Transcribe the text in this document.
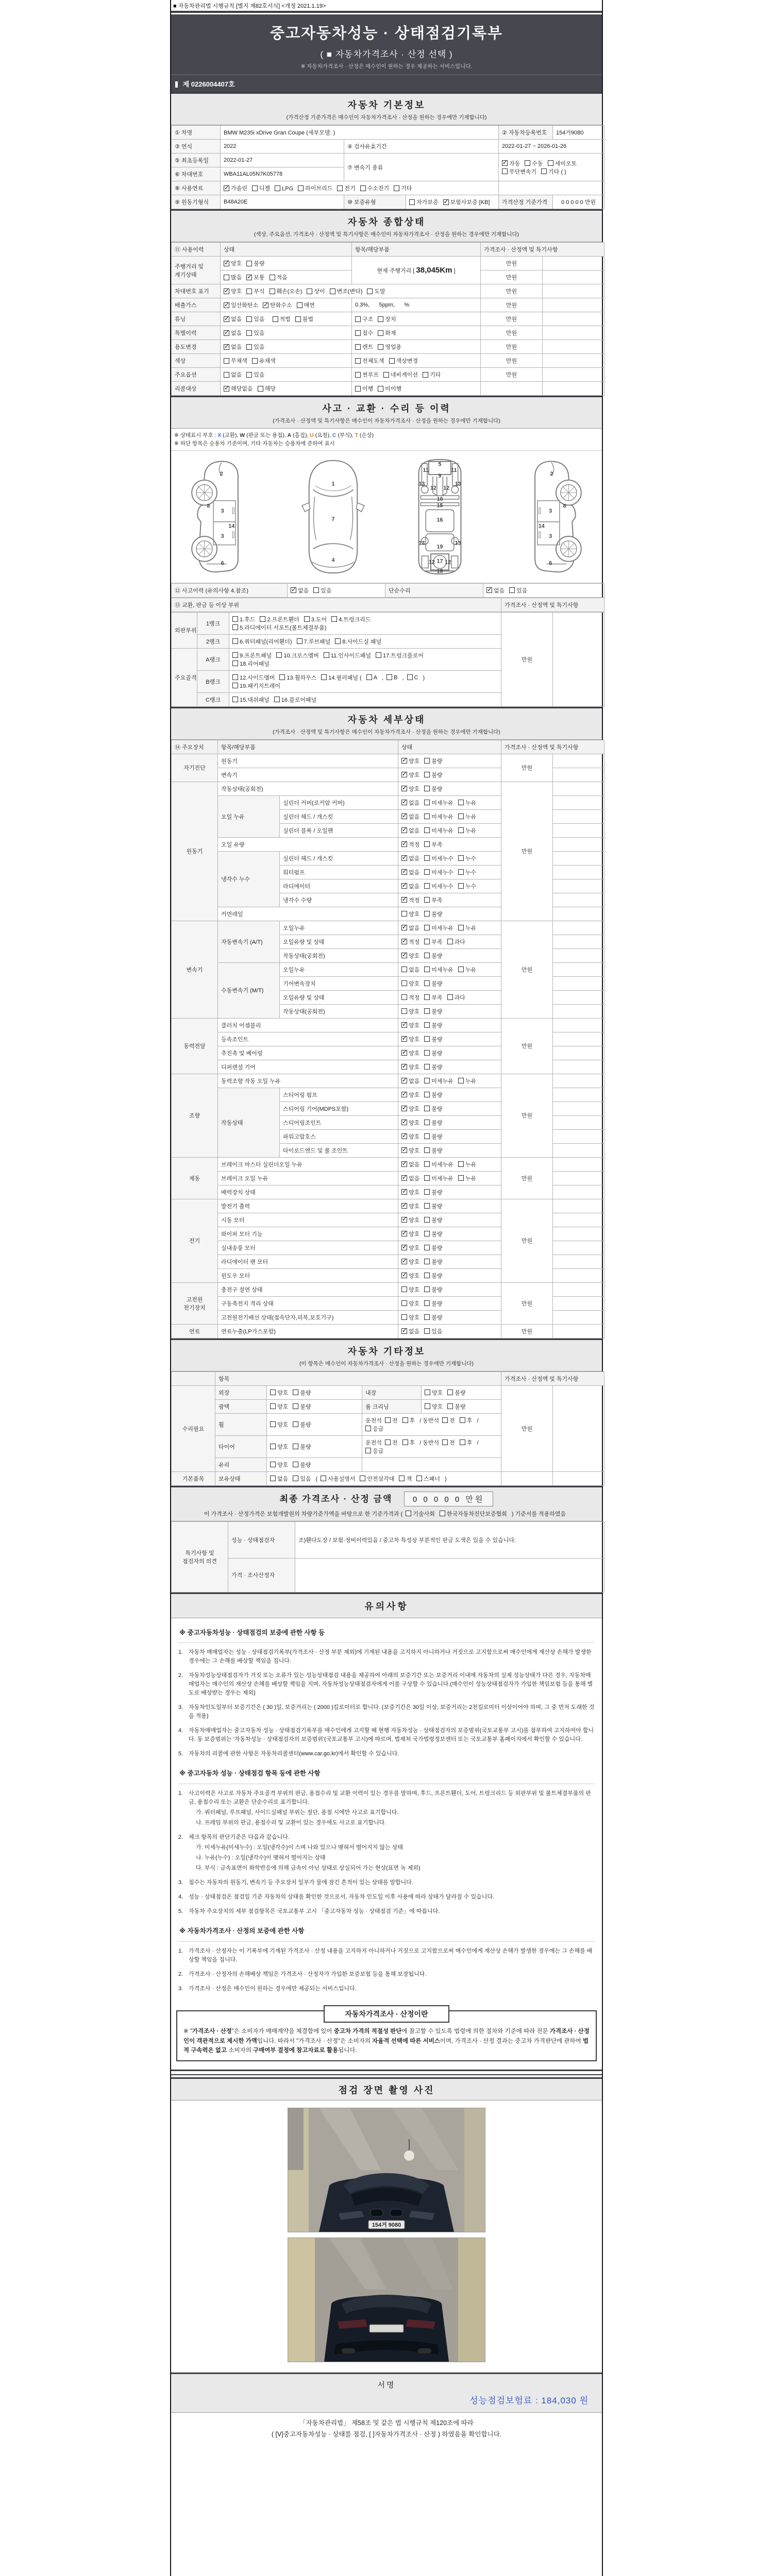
■ 자동차관리법 시행규칙 [별지 제82호서식] <개정 2021.1.19>
중고자동차성능 · 상태점검기록부
( ■ 자동차가격조사 · 산정 선택 )
※ 자동차가격조사 · 산정은 매수인이 원하는 경우 제공하는 서비스입니다.
제 0226004407호
자동차 기본정보
(가격산정 기준가격은 매수인이 자동차가격조사 · 산정을 원하는 경우에만 기재합니다)
① 차명	BMW M235i xDrive Gran Coupe (세부모델: )			② 자동차등록번호	154거9080
③ 연식	2022	④ 검사유효기간		2022-01-27 ~ 2026-01-26	
⑤ 최초등록일	2022-01-27	⑦ 변속기 종류	✓자동 수동 세미오토
무단변속기 기타 ( )
⑥ 차대번호	WBA11AL05N7K05778				
⑧ 사용연료	✓가솔린 디젤 LPG 하이브리드 전기 수소전기 기타	
⑨ 원동기형식	B48A20E	⑩ 보증유형	자가보증 ✓ 보험사보증 [KB]	가격산정 기준가격	0 0 0 0 0 만원
자동차 종합상태
(색상, 주요옵션, 가격조사 · 산정액 및 특기사항은 매수인이 자동차가격조사 · 산정을 원하는 경우에만 기재합니다)
⑪ 사용이력	상태	항목/해당부품	가격조사 · 산정액 및 특기사항	
주행거리 및 계기상태	✓양호 불량	현재 주행거리 [ 38,045Km ]	만원	
	많음 ✓ 보통 적음		만원	
차대번호 표기	✓양호 부식 훼손(오손) 상이 변조(변타) 도말		만원	
배출가스	✓일산화탄소 ✓ 탄화수소 매연	0.3%,      5ppm,      %	만원	
튜닝	✓없음 있음 적법 불법	구조 장치	만원	
특별이력	✓없음 있음	침수 화재	만원	
용도변경	✓없음 있음	렌트 영업용	만원	
색상	무채색 유채색	전체도색 색상변경	만원	
주요옵션	없음 있음	썬루프 네비게이션 기타	만원	
리콜대상	✓해당없음 해당	이행 미이행		
사고 · 교환 · 수리 등 이력
(가격조사 · 산정액 및 특기사항은 매수인이 자동차가격조사 · 산정을 원하는 경우에만 기재합니다)
※ 상태표시 부호 : X (교환), W (판금 또는 용접), A (흠집), U (요철), C (부식), T (손상)
※ 하단 항목은 승용차 기준이며, 기타 자동차는 승용차에 준하여 표시
2
8
3
14
3
6
1
7
4
5
11	11
9
13	13
12 12
10
15
16
13
19
13
12 17 12
18
2
3
8
14
3
6
⑫ 사고이력 (유의사항 4.참조)	✓없음 있음	단순수리	✓없음 있음
⑬ 교환, 판금 등 이상 부위	가격조사 · 산정액 및 특기사항
외판부위	1랭크	1.후드 2.프론트휀더 3.도어 4.트렁크리드
5.라디에이터 서포트(볼트체결부품)	만원	
	2랭크	6.쿼터패널(리어휀더) 7.루브패널 8.사이드실 패널		
주요골격	A랭크	9.프론트패널 10.크로스멤버 11.인사이드패널 17.트렁크플로어
18.리어패널		
	B랭크	12.사이드멤버 13.휠하우스 14.필러패널 ( A , B , C )
19.패키지트레이		
	C랭크	15.대쉬패널 16.플로어패널		
자동차 세부상태
(가격조사 · 산정액 및 특기사항은 매수인이 자동차가격조사 · 산정을 원하는 경우에만 기재합니다)
⑭ 주요장치	항목/해당부품		상태	가격조사 · 산정액 및 특기사항	
자기진단	원동기	✓양호 불량	만원	
	변속기	✓양호 불량	
원동기	작동상태(공회전)	✓양호 불량	만원	
	오일 누유	실린더 커버(로커암 커버)	✓없음 미세누유 누유	
		실린더 헤드 / 개스킷	✓없음 미세누유 누유	
		실린더 블록 / 오일팬	✓없음 미세누유 누유	
	오일 유량	✓적정 부족	
	냉각수 누수	실린더 헤드 / 개스킷	✓없음 미세누수 누수	
		워터펌프	✓없음 미세누수 누수	
		라디에이터	✓없음 미세누수 누수	
		냉각수 수량	✓적정 부족	
	커먼레일		양호 불량		
변속기	자동변속기 (A/T)	오일누유	✓없음 미세누유 누유	만원	
		오일유량 및 상태	✓적정 부족 과다	
		작동상태(공회전)	✓양호 불량	
	수동변속기 (M/T)	오일누유	없음 미세누유 누유		
		기어변속장치	양호 불량		
		오일유량 및 상태	적정 부족 과다		
		작동상태(공회전)	양호 불량		
동력전달	클러치 어셈블리	✓양호 불량	만원	
	등속조인트	✓양호 불량	
	추진축 및 베어링	✓양호 불량	
	디퍼렌셜 기어	✓양호 불량	
조향	동력조향 작동 오일 누유	✓없음 미세누유 누유	만원	
	작동상태	스티어링 펌프	✓양호 불량	
		스티어링 기어(MDPS포함)	✓양호 불량	
		스티어링조인트	✓양호 불량	
		파워고압호스	✓양호 불량	
		타이로드엔드 및 볼 조인트	✓양호 불량	
제동	브레이크 마스터 실린더오일 누유	✓없음 미세누유 누유	만원	
	브레이크 오일 누유	✓없음 미세누유 누유	
	배력장치 상태	✓양호 불량	
전기	발전기 출력	✓양호 불량	만원	
	시동 모터	✓양호 불량	
	와이퍼 모터 기능	✓양호 불량	
	실내송풍 모터	✓양호 불량	
	라디에이터 팬 모터	✓양호 불량	
	윈도우 모터	✓양호 불량	
고전원 전기장치	충전구 절연 상태		양호 불량	만원	
	구동축전지 격리 상태		양호 불량		
	고전원전기배선 상태(접속단자,피복,보호기구)		양호 불량		
연료	연료누출(LP가스포함)	✓없음 있음	만원	
자동차 기타정보
(이 항목은 매수인이 자동차가격조사 · 산정을 원하는 경우에만 기재합니다)
	항목				가격조사 · 산정액 및 특기사항	
수리필요	외장	양호 불량	내장	양호 불량	만원	
	광택	양호 불량	룸 크리닝	양호 불량		
	휠	양호 불량	운전석 전 후 / 동반석 전 후 /응급			
	타이어	양호 불량	운전석 전 후 / 동반석 전 후 /응급			
	유리	양호 불량				
기본품목	보유상태	없음 있음 ( 사용설명서 안전삼각대 잭 스패너 )				
최종 가격조사 · 산정 금액	0 0 0 0 0 만원
이 가격조사 · 산정가격은 보험개발원의 차량기준가액을 바탕으로 한 기준가격과 ( 기술사회 한국자동차진단보증협회 ) 기준서를 적용하였음
특기사항 및 점검자의 의견	성능 · 상태점검자	조)휀다도장 / 보험·정비이력있음 / 중고차 특성상 부분적인 판금 도색은 있을 수 있습니다.
	가격 · 조사산정자	
유의사항
※ 중고자동차성능 · 상태점검의 보증에 관한 사항 등
1. 자동차 매매업자는 성능 · 상태점검기록부(가격조사 · 산정 부분 제외)에 기재된 내용을 고지하지 아니하거나 거짓으로 고지함으로써 매수인에게 재산상 손해가 발생한 경우에는 그 손해를 배상할 책임을 집니다.
2. 자동차성능상태점검자가 거짓 또는 오류가 있는 성능상태점검 내용을 제공하여 아래의 보증기간 또는 보증거리 이내에 자동차의 실제 성능상태가 다른 경우, 자동차매매업자는 매수인의 재산상 손해를 배상할 책임을 지며, 자동차성능상태점검자에게 이를 구상할 수 있습니다.(매수인이 성능상태점검자가 가입한 책임보험 등을 통해 별도로 배상받는 경우는 제외)
3. 자동차인도일부터 보증기간은 ( 30 )일, 보증거리는 ( 2000 )킬로미터로 합니다. (보증기간은 30일 이상, 보증거리는 2천킬로미터 이상이어야 하며, 그 중 먼저 도래한 것을 적용)
4. 자동차매매업자는 중고자동차 성능 · 상태점검기록부를 매수인에게 고지할 때 현행 자동차성능 · 상태점검자의 보증범위(국토교통부 고시)를 첨부하여 고지하여야 합니다. 동 보증범위는 '자동차성능 · 상태점검자의 보증범위'(국토교통부 고시)에 따르며, 법제처 국가법령정보센터 또는 국토교통부 홈페이지에서 확인할 수 있습니다.
5. 자동차의 리콜에 관한 사항은 자동차리콜센터(www.car.go.kr)에서 확인할 수 있습니다.
※ 중고자동차 성능 · 상태점검 항목 등에 관한 사항
1. 사고이력은 사고로 자동차 주요골격 부위의 판금, 용접수리 및 교환 이력이 있는 경우를 말하며, 후드, 프론트휀더, 도어, 트렁크리드 등 외판부위 및 볼트체결부품의 판금, 용접수리 또는 교환은 단순수리로 표기합니다.
가. 쿼터패널, 루프패널, 사이드실패널 부위는 절단, 용접 시에만 사고로 표기합니다.
나. 프레임 부위의 판금, 용접수리 및 교환이 있는 경우에도 사고로 표기합니다.
2. 체크 항목의 판단기준은 다음과 같습니다.
가. 미세누유(미세누수) : 오일(냉각수)이 스며 나와 있으나 맺혀서 떨어지지 않는 상태
나. 누유(누수) : 오일(냉각수)이 맺혀서 떨어지는 상태
다. 부식 : 금속표면이 화학반응에 의해 금속이 아닌 상태로 상실되어 가는 현상(표면 녹 제외)
3. 침수는 자동차의 원동기, 변속기 등 주요장치 일부가 물에 잠긴 흔적이 있는 상태를 말합니다.
4. 성능 · 상태점검은 점검일 기준 자동차의 상태를 확인한 것으로서, 자동차 인도일 이후 사용에 따라 상태가 달라질 수 있습니다.
5. 자동차 주요장치의 세부 점검항목은 국토교통부 고시 「중고자동차 성능 · 상태점검 기준」에 따릅니다.
※ 자동차가격조사 · 산정의 보증에 관한 사항
1. 가격조사 · 산정자는 이 기록부에 기재된 가격조사 · 산정 내용을 고지하지 아니하거나 거짓으로 고지함으로써 매수인에게 재산상 손해가 발생한 경우에는 그 손해를 배상할 책임을 집니다.
2. 가격조사 · 산정자의 손해배상 책임은 가격조사 · 산정자가 가입한 보증보험 등을 통해 보장됩니다.
3. 가격조사 · 산정은 매수인이 원하는 경우에만 제공되는 서비스입니다.
자동차가격조사 · 산정이란
※ "가격조사 · 산정"은 소비자가 매매계약을 체결함에 있어 중고차 가격의 적절성 판단에 참고할 수 있도록 법령에 의한 절차와 기준에 따라 전문 가격조사 · 산정인이 객관적으로 제시한 가액입니다. 따라서 "가격조사 · 산정"은 소비자의 자율적 선택에 따른 서비스이며, 가격조사 · 산정 결과는 중고차 가격판단에 관하여 법적 구속력은 없고 소비자의 구매여부 결정에 참고자료로 활용됩니다.
점검 장면 촬영 사진
154거 9080
서명
성능점검보험료 : 184,030 원
「자동차관리법」 제58조 및 같은 법 시행규칙 제120조에 따라
( [V]중고자동차성능 · 상태를 점검, [ ]자동차가격조사 · 산정 ) 하였음을 확인합니다.
